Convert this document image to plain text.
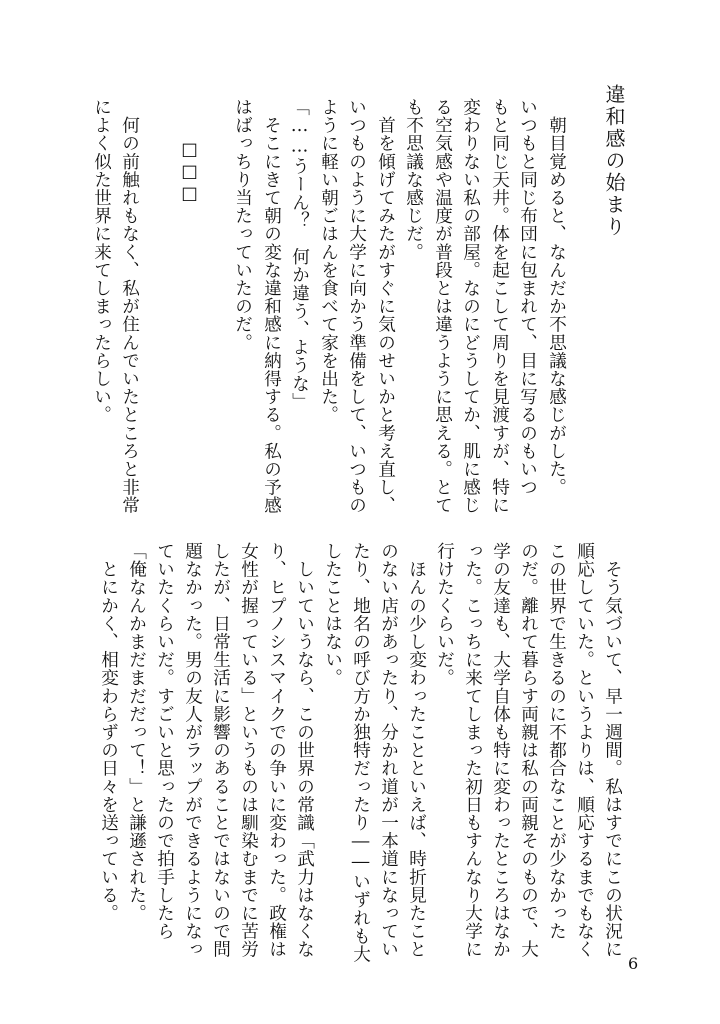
違和感の始まり
　朝目覚めると、なんだか不思議な感じがした。
いつもと同じ布団に包まれて、目に写るのもいつ
もと同じ天井。体を起こして周りを見渡すが、特に
変わりない私の部屋。なのにどうしてか、肌に感じ
る空気感や温度が普段とは違うように思える。とて
も不思議な感じだ。
　首を傾げてみたがすぐに気のせいかと考え直し、
いつものように大学に向かう準備をして、いつもの
ように軽い朝ごはんを食べて家を出た。
「……うーん？　何か違う、ような」
　そこにきて朝の変な違和感に納得する。私の予感
はばっちり当たっていたのだ。
□□□
　何の前触れもなく、私が住んでいたところと非常
によく似た世界に来てしまったらしい。
　そう気づいて、早一週間。私はすでにこの状況に
順応していた。というよりは、順応するまでもなく
この世界で生きるのに不都合なことが少なかった
のだ。離れて暮らす両親は私の両親そのもので、大
学の友達も、大学自体も特に変わったところはなか
った。こっちに来てしまった初日もすんなり大学に
行けたくらいだ。
　ほんの少し変わったことといえば、時折見たこと
のない店があったり、分かれ道が一本道になってい
たり、地名の呼び方か独特だったり――いずれも大
したことはない。
　しいていうなら、この世界の常識「武力はなくな
り、ヒプノシスマイクでの争いに変わった。政権は
女性が握っている」というものは馴染むまでに苦労
したが、日常生活に影響のあることではないので問
題なかった。男の友人がラップができるようになっ
ていたくらいだ。すごいと思ったので拍手したら
「俺なんかまだまだだって！」と謙遜された。
　とにかく、相変わらずの日々を送っている。
6
